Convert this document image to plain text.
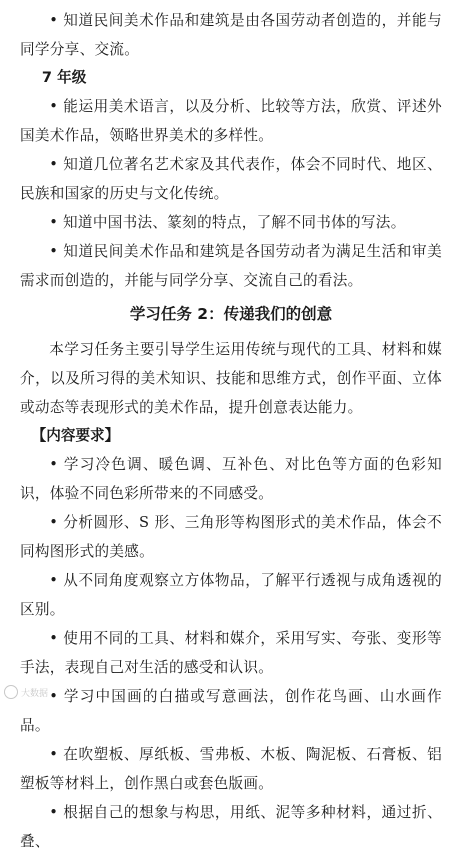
• 知道民间美术作品和建筑是由各国劳动者创造的，并能与同学分享、交流。

7 年级

• 能运用美术语言，以及分析、比较等方法，欣赏、评述外国美术作品，领略世界美术的多样性。

• 知道几位著名艺术家及其代表作，体会不同时代、地区、民族和国家的历史与文化传统。

• 知道中国书法、篆刻的特点，了解不同书体的写法。

• 知道民间美术作品和建筑是各国劳动者为满足生活和审美需求而创造的，并能与同学分享、交流自己的看法。

学习任务 2：传递我们的创意

本学习任务主要引导学生运用传统与现代的工具、材料和媒介，以及所习得的美术知识、技能和思维方式，创作平面、立体或动态等表现形式的美术作品，提升创意表达能力。

【内容要求】

• 学习冷色调、暖色调、互补色、对比色等方面的色彩知识，体验不同色彩所带来的不同感受。

• 分析圆形、S 形、三角形等构图形式的美术作品，体会不同构图形式的美感。

• 从不同角度观察立方体物品，了解平行透视与成角透视的区别。

• 使用不同的工具、材料和媒介，采用写实、夸张、变形等手法，表现自己对生活的感受和认识。

• 学习中国画的白描或写意画法，创作花鸟画、山水画作品。

• 在吹塑板、厚纸板、雪弗板、木板、陶泥板、石膏板、铝塑板等材料上，创作黑白或套色版画。

• 根据自己的想象与构思，用纸、泥等多种材料，通过折、叠、

大数据
